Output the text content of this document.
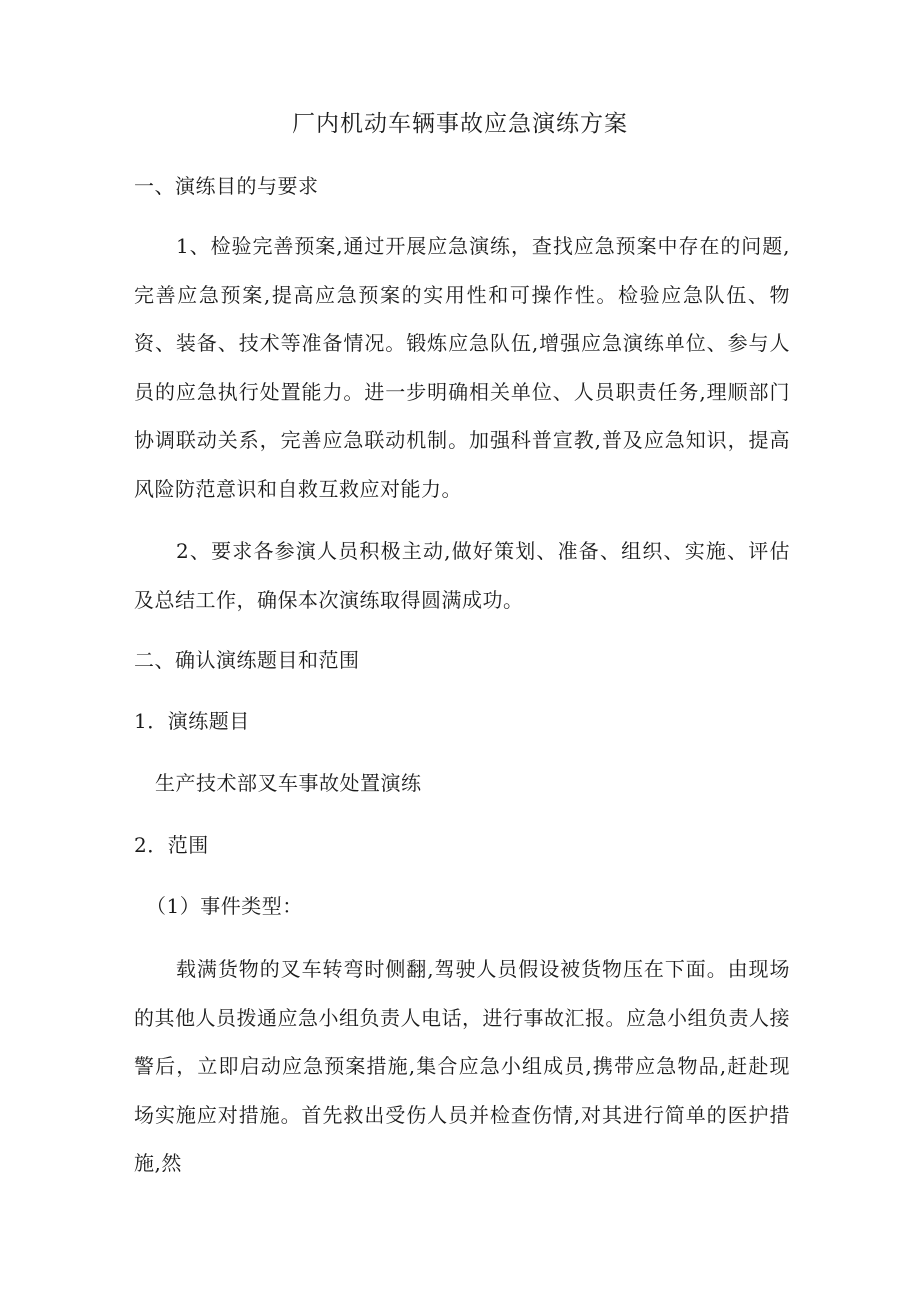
厂内机动车辆事故应急演练方案
一、演练目的与要求
1、检验完善预案,通过开展应急演练，查找应急预案中存在的问题,完善应急预案,提高应急预案的实用性和可操作性。检验应急队伍、物资、装备、技术等准备情况。锻炼应急队伍,增强应急演练单位、参与人员的应急执行处置能力。进一步明确相关单位、人员职责任务,理顺部门协调联动关系，完善应急联动机制。加强科普宣教,普及应急知识，提高风险防范意识和自救互救应对能力。
2、要求各参演人员积极主动,做好策划、准备、组织、实施、评估及总结工作，确保本次演练取得圆满成功。
二、确认演练题目和范围
1．演练题目
生产技术部叉车事故处置演练
2．范围
（1）事件类型：
载满货物的叉车转弯时侧翻,驾驶人员假设被货物压在下面。由现场的其他人员拨通应急小组负责人电话，进行事故汇报。应急小组负责人接警后，立即启动应急预案措施,集合应急小组成员,携带应急物品,赶赴现场实施应对措施。首先救出受伤人员并检查伤情,对其进行简单的医护措施,然
